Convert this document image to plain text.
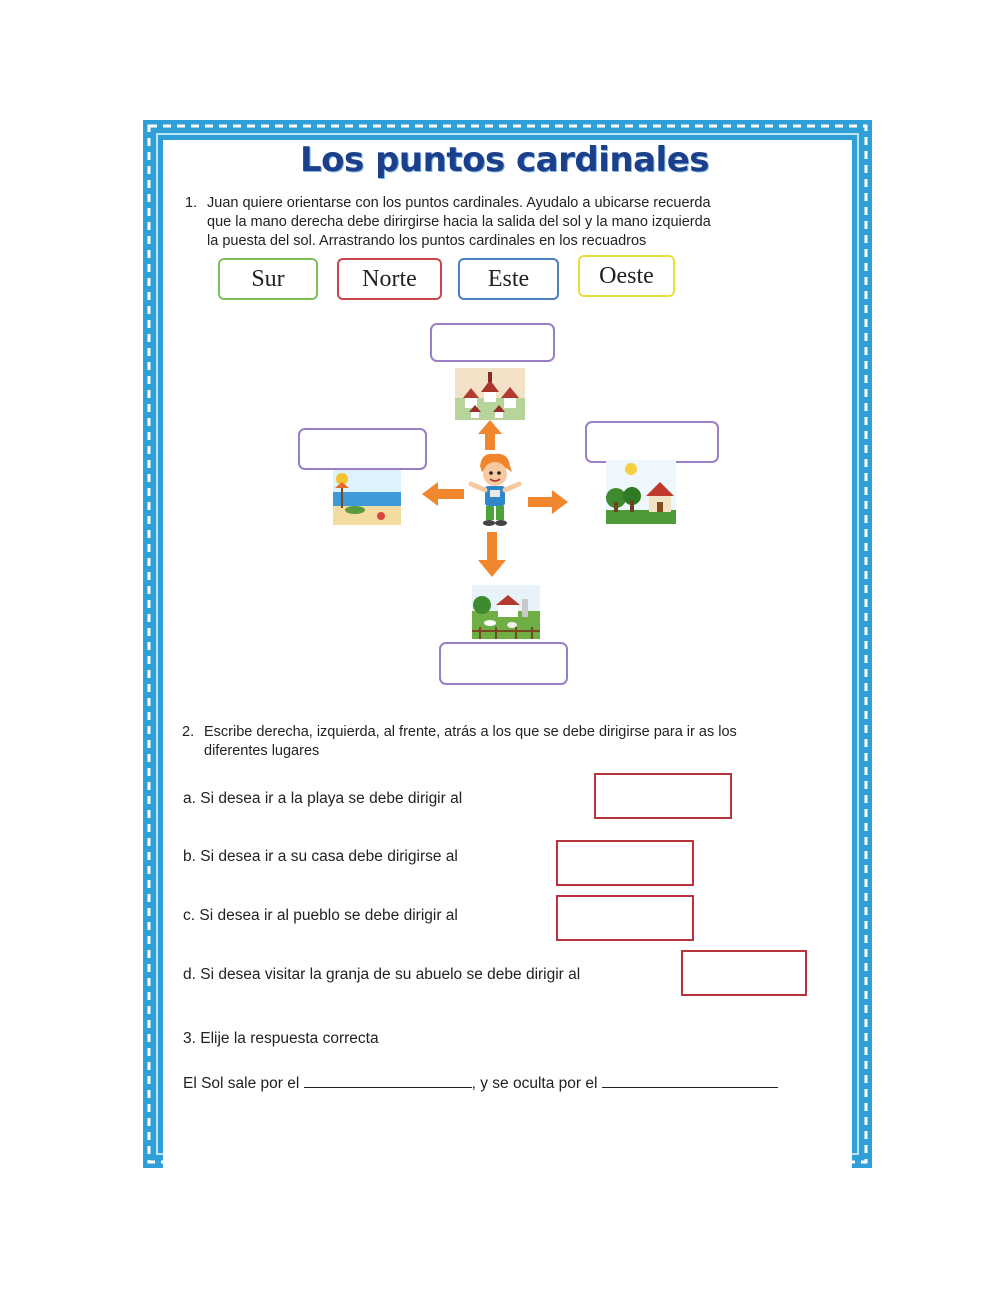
Los puntos cardinales
1. Juan quiere orientarse con los puntos cardinales. Ayudalo a ubicarse recuerda
que la mano derecha debe dirirgirse hacia la salida del sol y la mano izquierda
la puesta del sol. Arrastrando los puntos cardinales en los recuadros
Sur	Norte	Este	Oeste
2. Escribe derecha, izquierda, al frente, atrás a los que se debe dirigirse para ir as los
diferentes lugares
a. Si desea ir a la playa se debe dirigir al
b. Si desea ir a su casa debe dirigirse al
c. Si desea ir al pueblo se debe dirigir al
d. Si desea visitar la granja de su abuelo se debe dirigir al
3. Elije la respuesta correcta
El Sol sale por el	, y se oculta por el
